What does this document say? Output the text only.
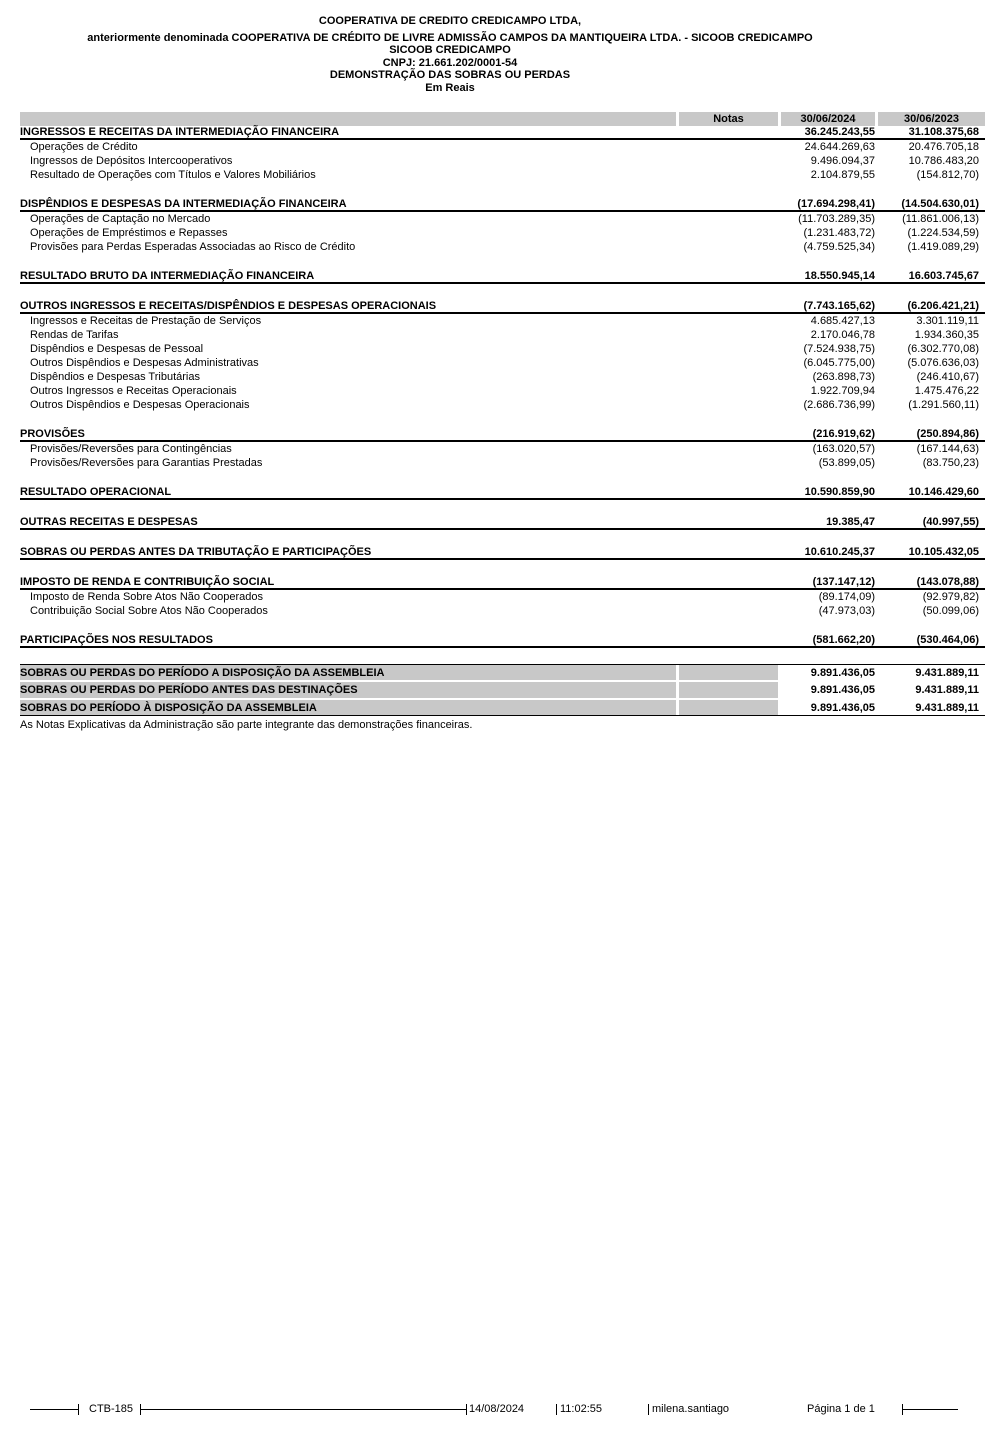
COOPERATIVA DE CREDITO CREDICAMPO LTDA,
anteriormente denominada COOPERATIVA DE CRÉDITO DE LIVRE ADMISSÃO CAMPOS DA MANTIQUEIRA LTDA. - SICOOB CREDICAMPO
SICOOB CREDICAMPO
CNPJ: 21.661.202/0001-54
DEMONSTRAÇÃO DAS SOBRAS OU PERDAS
Em Reais
Notas	30/06/2024	30/06/2023
INGRESSOS E RECEITAS DA INTERMEDIAÇÃO FINANCEIRA	36.245.243,55	31.108.375,68
Operações de Crédito	24.644.269,63	20.476.705,18
Ingressos de Depósitos Intercooperativos	9.496.094,37	10.786.483,20
Resultado de Operações com Títulos e Valores Mobiliários	2.104.879,55	(154.812,70)
DISPÊNDIOS E DESPESAS DA INTERMEDIAÇÃO FINANCEIRA	(17.694.298,41)	(14.504.630,01)
Operações de Captação no Mercado	(11.703.289,35)	(11.861.006,13)
Operações de Empréstimos e Repasses	(1.231.483,72)	(1.224.534,59)
Provisões para Perdas Esperadas Associadas ao Risco de Crédito	(4.759.525,34)	(1.419.089,29)
RESULTADO BRUTO DA INTERMEDIAÇÃO FINANCEIRA	18.550.945,14	16.603.745,67
OUTROS INGRESSOS E RECEITAS/DISPÊNDIOS E DESPESAS OPERACIONAIS	(7.743.165,62)	(6.206.421,21)
Ingressos e Receitas de Prestação de Serviços	4.685.427,13	3.301.119,11
Rendas de Tarifas	2.170.046,78	1.934.360,35
Dispêndios e Despesas de Pessoal	(7.524.938,75)	(6.302.770,08)
Outros Dispêndios e Despesas Administrativas	(6.045.775,00)	(5.076.636,03)
Dispêndios e Despesas Tributárias	(263.898,73)	(246.410,67)
Outros Ingressos e Receitas Operacionais	1.922.709,94	1.475.476,22
Outros Dispêndios e Despesas Operacionais	(2.686.736,99)	(1.291.560,11)
PROVISÕES	(216.919,62)	(250.894,86)
Provisões/Reversões para Contingências	(163.020,57)	(167.144,63)
Provisões/Reversões para Garantias Prestadas	(53.899,05)	(83.750,23)
RESULTADO OPERACIONAL	10.590.859,90	10.146.429,60
OUTRAS RECEITAS E DESPESAS	19.385,47	(40.997,55)
SOBRAS OU PERDAS ANTES DA TRIBUTAÇÃO E PARTICIPAÇÕES	10.610.245,37	10.105.432,05
IMPOSTO DE RENDA E CONTRIBUIÇÃO SOCIAL	(137.147,12)	(143.078,88)
Imposto de Renda Sobre Atos Não Cooperados	(89.174,09)	(92.979,82)
Contribuição Social Sobre Atos Não Cooperados	(47.973,03)	(50.099,06)
PARTICIPAÇÕES NOS RESULTADOS	(581.662,20)	(530.464,06)
SOBRAS OU PERDAS DO PERÍODO A DISPOSIÇÃO DA ASSEMBLEIA	9.891.436,05	9.431.889,11
SOBRAS OU PERDAS DO PERÍODO ANTES DAS DESTINAÇÕES	9.891.436,05	9.431.889,11
SOBRAS DO PERÍODO À DISPOSIÇÃO DA ASSEMBLEIA	9.891.436,05	9.431.889,11
As Notas Explicativas da Administração são parte integrante das demonstrações financeiras.
CTB-185	14/08/2024	11:02:55	milena.santiago	Página 1 de 1
